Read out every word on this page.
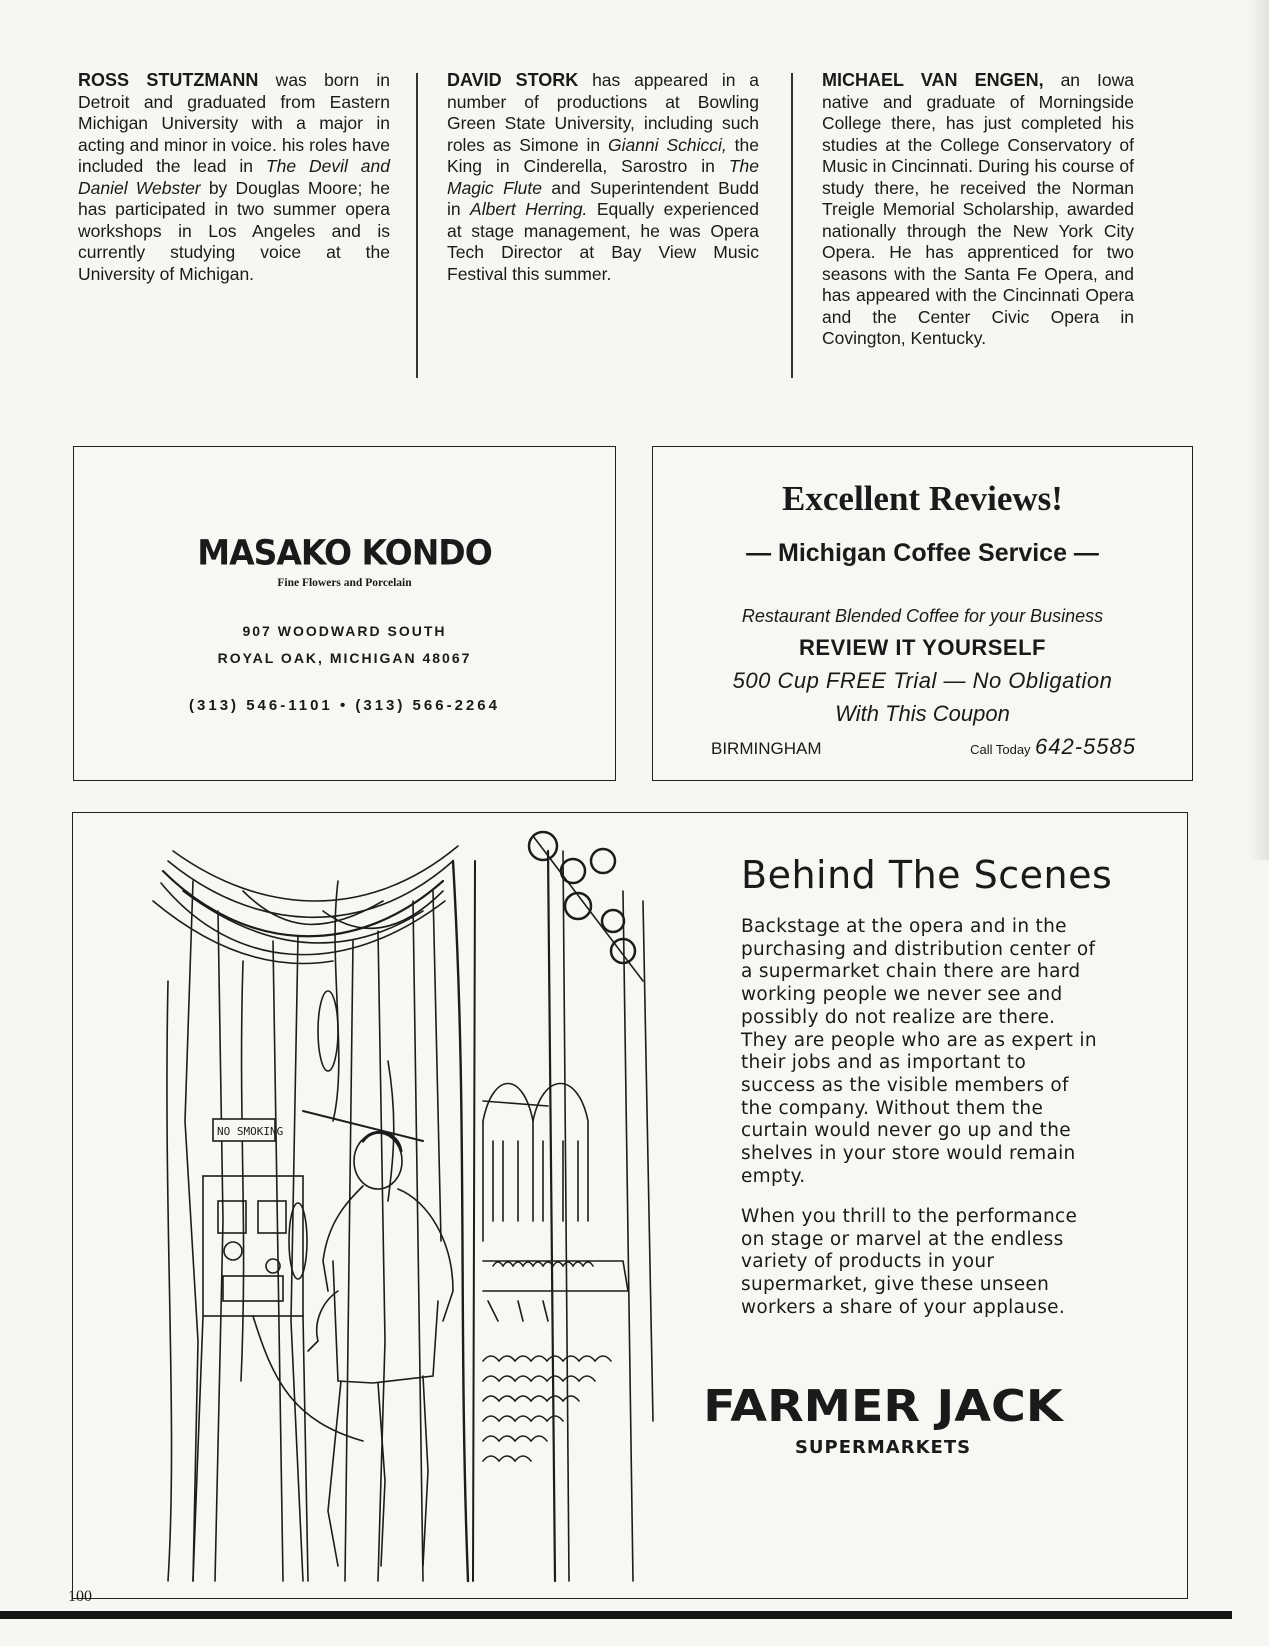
ROSS STUTZMANN was born in Detroit and graduated from Eastern Michigan University with a major in acting and minor in voice. his roles have included the lead in The Devil and Daniel Webster by Douglas Moore; he has participated in two summer opera workshops in Los Angeles and is currently studying voice at the University of Michigan.
DAVID STORK has appeared in a number of productions at Bowling Green State University, including such roles as Simone in Gianni Schicci, the King in Cinderella, Sarostro in The Magic Flute and Superintendent Budd in Albert Herring. Equally experienced at stage management, he was Opera Tech Director at Bay View Music Festival this summer.
MICHAEL VAN ENGEN, an Iowa native and graduate of Morningside College there, has just completed his studies at the College Conservatory of Music in Cincinnati. During his course of study there, he received the Norman Treigle Memorial Scholarship, awarded nationally through the New York City Opera. He has apprenticed for two seasons with the Santa Fe Opera, and has appeared with the Cincinnati Opera and the Center Civic Opera in Covington, Kentucky.
MASAKO KONDO
Fine Flowers and Porcelain
907 WOODWARD SOUTH
ROYAL OAK, MICHIGAN 48067
(313) 546-1101 • (313) 566-2264
Excellent Reviews!
— Michigan Coffee Service —
Restaurant Blended Coffee for your Business
REVIEW IT YOURSELF
500 Cup FREE Trial — No Obligation
With This Coupon
BIRMINGHAM	Call Today 642-5585
NO SMOKING
Behind The Scenes
Backstage at the opera and in the purchasing and distribution center of a supermarket chain there are hard working people we never see and possibly do not realize are there. They are people who are as expert in their jobs and as important to success as the visible members of the company. Without them the curtain would never go up and the shelves in your store would remain empty.
When you thrill to the performance on stage or marvel at the endless variety of products in your supermarket, give these unseen workers a share of your applause.
FARMER JACK
SUPERMARKETS
100
